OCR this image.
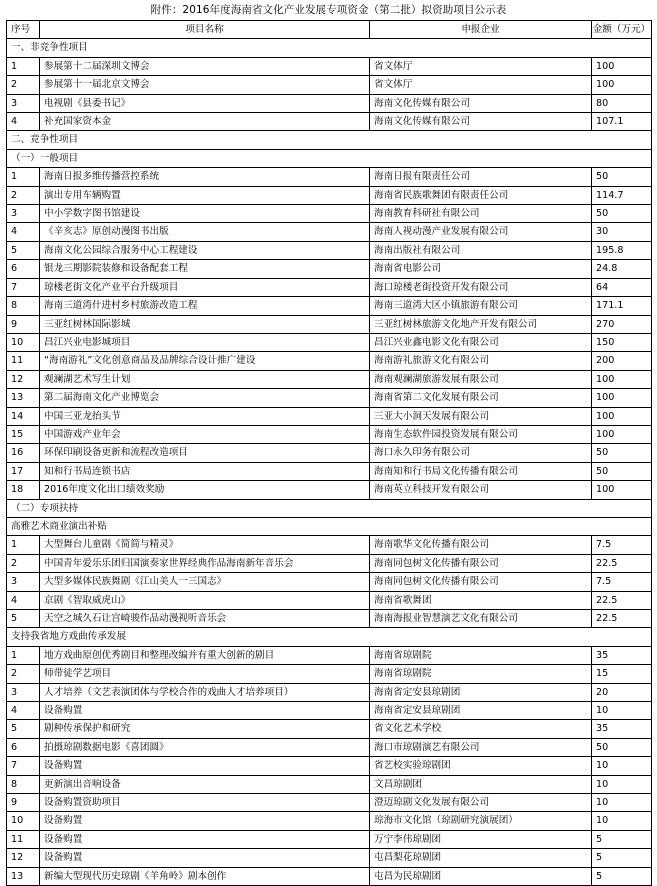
附件：2016年度海南省文化产业发展专项资金（第二批）拟资助项目公示表
序号	项目名称	申报企业	金额（万元）
一、非竞争性项目			
1	参展第十二届深圳文博会	省文体厅	100
2	参展第十一届北京文博会	省文体厅	100
3	电视剧《县委书记》	海南文化传媒有限公司	80
4	补充国家资本金	海南文化传媒有限公司	107.1
二、竞争性项目			
（一）一般项目			
1	海南日报多维传播营控系统	海南日报有限责任公司	50
2	演出专用车辆购置	海南省民族歌舞团有限责任公司	114.7
3	中小学数字图书馆建设	海南教育科研社有限公司	50
4	《辛亥志》原创动漫图书出版	海南人视动漫产业发展有限公司	30
5	海南文化公园综合服务中心工程建设	海南出版社有限公司	195.8
6	银龙三期影院装修和设备配套工程	海南省电影公司	24.8
7	琼楼老街文化产业平台升级项目	海口琼楼老街投资开发有限公司	64
8	海南三道湾什进村乡村旅游改造工程	海南三道湾大区小镇旅游有限公司	171.1
9	三亚红树林国际影城	三亚红树林旅游文化地产开发有限公司	270
10	昌江兴业电影城项目	昌江兴业鑫电影文化有限公司	150
11	“海南游礼”文化创意商品及品牌综合设计推广建设	海南游礼旅游文化有限公司	200
12	观澜湖艺术写生计划	海南观澜湖旅游发展有限公司	100
13	第二届海南文化产业博览会	海南省第二文化发展有限公司	100
14	中国三亚龙抬头节	三亚大小洞天发展有限公司	100
15	中国游戏产业年会	海南生态软件园投资发展有限公司	100
16	环保印刷设备更新和流程改造项目	海口永久印务有限公司	50
17	知和行书局连锁书店	海南知和行书局文化传播有限公司	50
18	2016年度文化出口绩效奖励	海南英立科技开发有限公司	100
（二）专项扶持			
高雅艺术商业演出补贴			
1	大型舞台儿童剧《简简与精灵》	海南歌华文化传播有限公司	7.5
2	中国青年爱乐乐团归国演奏家世界经典作品海南新年音乐会	海南同包树文化传播有限公司	22.5
3	大型多媒体民族舞剧《江山美人一三国志》	海南同包树文化传播有限公司	7.5
4	京剧《智取威虎山》	海南省歌舞团	22.5
5	天空之城久石让宫崎骏作品动漫视听音乐会	海南海报业智慧演艺文化有限公司	22.5
支持我省地方戏曲传承发展			
1	地方戏曲原创优秀剧目和整理改编并有重大创新的剧目	海南省琼剧院	35
2	师带徒学艺项目	海南省琼剧院	15
3	人才培养（文艺表演团体与学校合作的戏曲人才培养项目）	海南省定安县琼剧团	20
4	设备购置	海南省定安县琼剧团	10
5	剧种传承保护和研究	省文化艺术学校	35
6	拍摄琼剧数据电影《喜团圆》	海口市琼剧演艺有限公司	50
7	设备购置	省艺校实验琼剧团	10
8	更新演出音响设备	文昌琼剧团	10
9	设备购置资助项目	澄迈琼剧文化发展有限公司	10
10	设备购置	琼海市文化馆（琼剧研究演展团）	10
11	设备购置	万宁李伟琼剧团	5
12	设备购置	屯昌梨花琼剧团	5
13	新编大型现代历史琼剧《羊角岭》剧本创作	屯昌为民琼剧团	5
